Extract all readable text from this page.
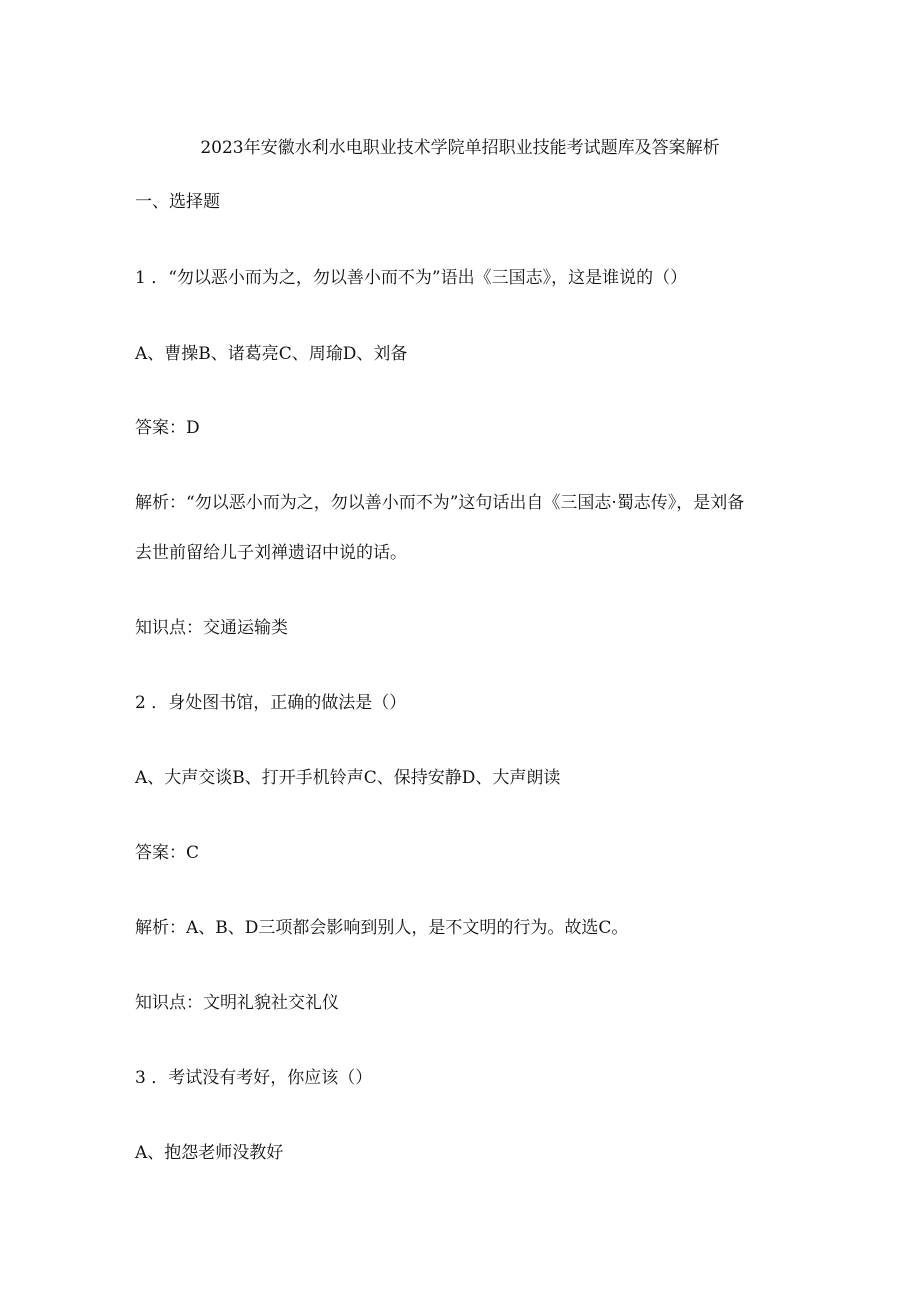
2023年安徽水利水电职业技术学院单招职业技能考试题库及答案解析
一、选择题
1 ．“勿以恶小而为之，勿以善小而不为”语出《三国志》，这是谁说的（）
A、曹操B、诸葛亮C、周瑜D、刘备
答案：D
解析：“勿以恶小而为之，勿以善小而不为”这句话出自《三国志·蜀志传》，是刘备
去世前留给儿子刘禅遗诏中说的话。
知识点：交通运输类
2 ．身处图书馆，正确的做法是（）
A、大声交谈B、打开手机铃声C、保持安静D、大声朗读
答案：C
解析：A、B、D三项都会影响到别人，是不文明的行为。故选C。
知识点：文明礼貌社交礼仪
3 ．考试没有考好，你应该（）
A、抱怨老师没教好
